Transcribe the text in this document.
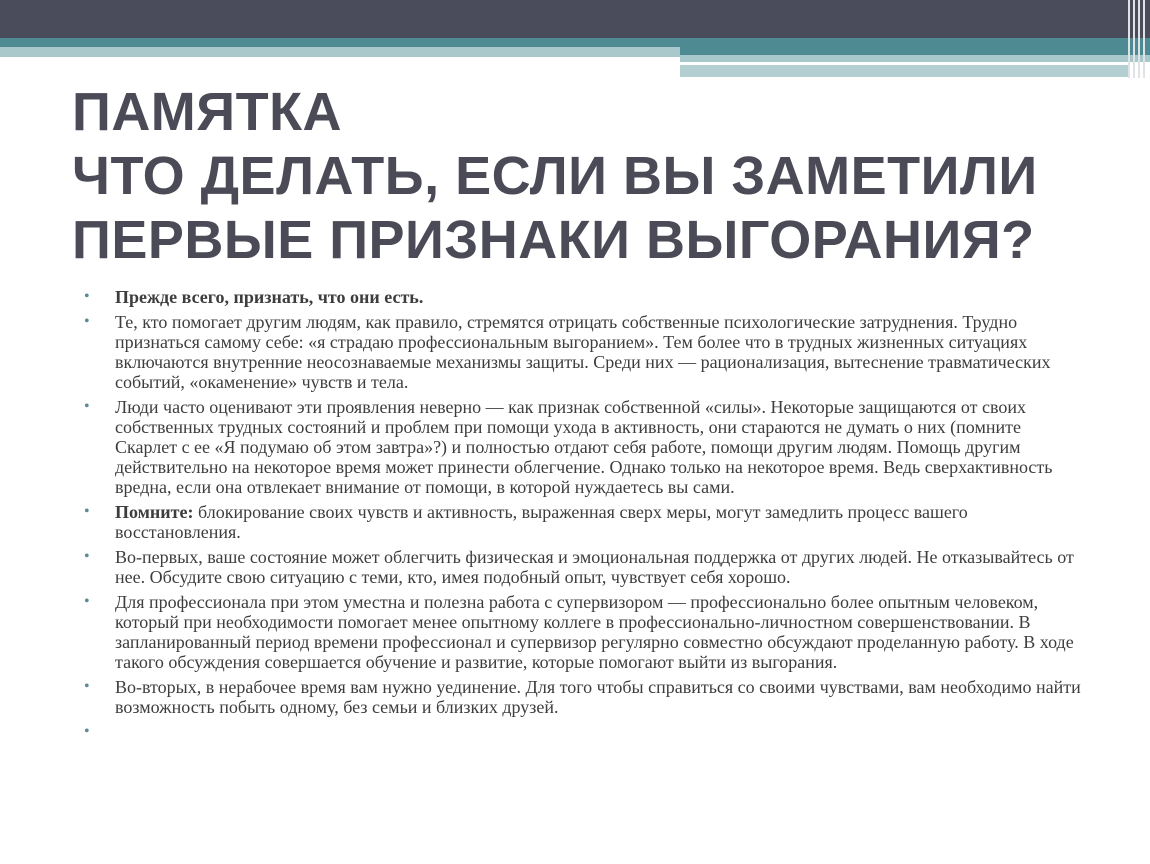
ПАМЯТКА
ЧТО ДЕЛАТЬ, ЕСЛИ ВЫ ЗАМЕТИЛИ
ПЕРВЫЕ ПРИЗНАКИ ВЫГОРАНИЯ?
• Прежде всего, признать, что они есть.
• Те, кто помогает другим людям, как правило, стремятся отрицать собственные психологические затруднения. Трудно признаться самому себе: «я страдаю профессиональным выгоранием». Тем более что в трудных жизненных ситуациях включаются внутренние неосознаваемые механизмы защиты. Среди них — рационализация, вытеснение травматических событий, «окаменение» чувств и тела.
• Люди часто оценивают эти проявления неверно — как признак собственной «силы». Некоторые защищаются от своих собственных трудных состояний и проблем при помощи ухода в активность, они стараются не думать о них (помните Скарлет с ее «Я подумаю об этом завтра»?) и полностью отдают себя работе, помощи другим людям. Помощь другим действительно на некоторое время может принести облегчение. Однако только на некоторое время. Ведь сверхактивность вредна, если она отвлекает внимание от помощи, в которой нуждаетесь вы сами.
• Помните: блокирование своих чувств и активность, выраженная сверх меры, могут замедлить процесс вашего восстановления.
• Во-первых, ваше состояние может облегчить физическая и эмоциональная поддержка от других людей. Не отказывайтесь от нее. Обсудите свою ситуацию с теми, кто, имея подобный опыт, чувствует себя хорошо.
• Для профессионала при этом уместна и полезна работа с супервизором — профессионально более опытным человеком, который при необходимости помогает менее опытному коллеге в профессионально-личностном совершенствовании. В запланированный период времени профессионал и супервизор регулярно совместно обсуждают проделанную работу. В ходе такого обсуждения совершается обучение и развитие, которые помогают выйти из выгорания.
• Во-вторых, в нерабочее время вам нужно уединение. Для того чтобы справиться со своими чувствами, вам необходимо найти возможность побыть одному, без семьи и близких друзей.
